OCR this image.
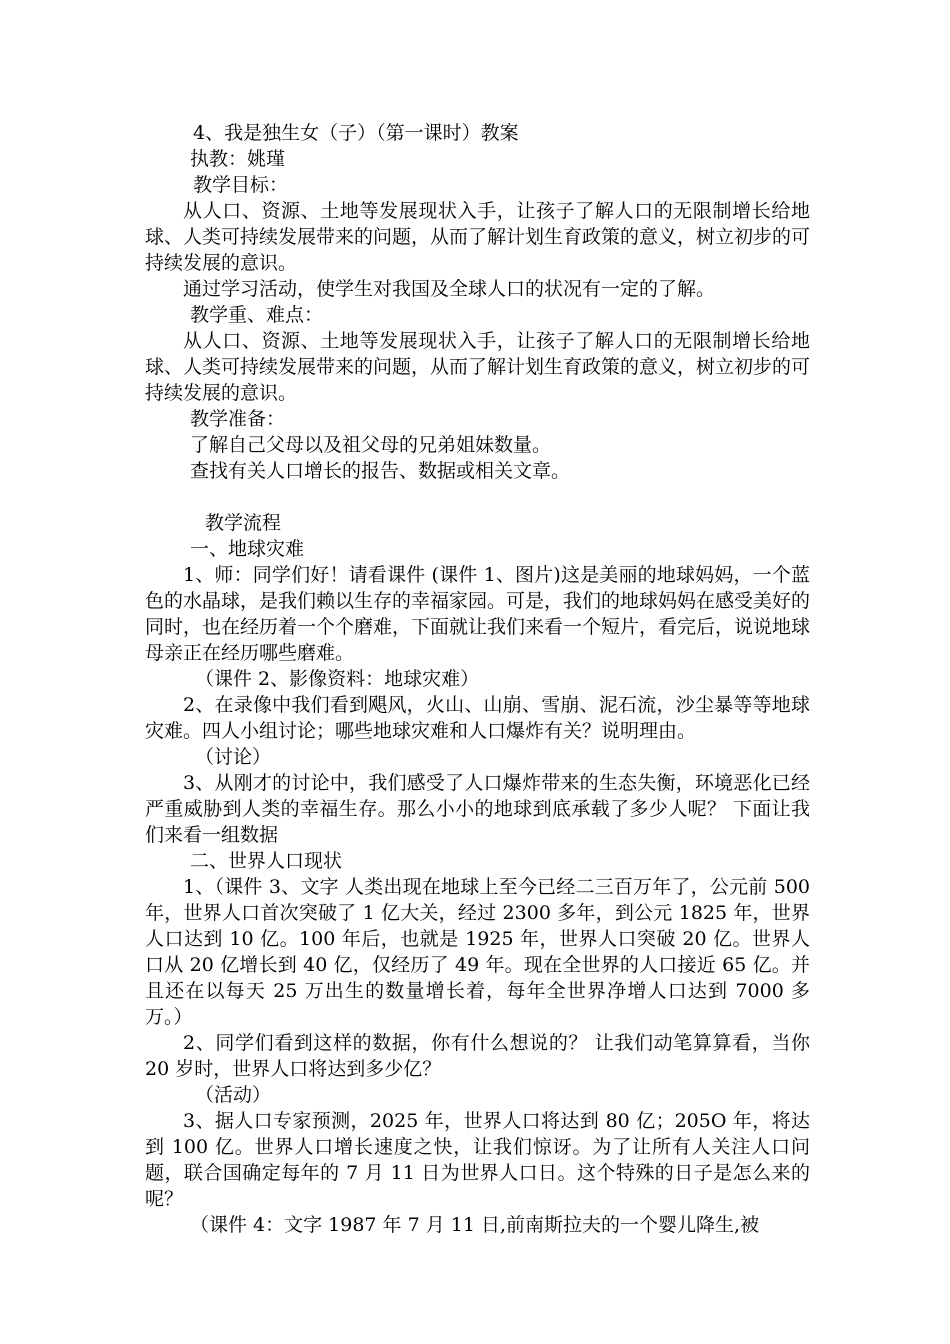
4、我是独生女（子）（第一课时）教案
执教：姚瑾
教学目标：

从人口、资源、土地等发展现状入手，让孩子了解人口的无限制增长给地球、人类可持续发展带来的问题，从而了解计划生育政策的意义，树立初步的可持续发展的意识。

通过学习活动，使学生对我国及全球人口的状况有一定的了解。

教学重、难点：

从人口、资源、土地等发展现状入手，让孩子了解人口的无限制增长给地球、人类可持续发展带来的问题，从而了解计划生育政策的意义，树立初步的可持续发展的意识。

教学准备：
了解自己父母以及祖父母的兄弟姐妹数量。
查找有关人口增长的报告、数据或相关文章。
教学流程
一、地球灾难

1、师：同学们好！请看课件 (课件 1、图片)这是美丽的地球妈妈，一个蓝色的水晶球，是我们赖以生存的幸福家园。可是，我们的地球妈妈在感受美好的同时，也在经历着一个个磨难，下面就让我们来看一个短片，看完后，说说地球母亲正在经历哪些磨难。

（课件 2、影像资料：地球灾难）

2、在录像中我们看到飓风，火山、山崩、雪崩、泥石流，沙尘暴等等地球灾难。四人小组讨论；哪些地球灾难和人口爆炸有关？说明理由。

（讨论）

3、从刚才的讨论中，我们感受了人口爆炸带来的生态失衡，环境恶化已经严重威胁到人类的幸福生存。那么小小的地球到底承载了多少人呢？ 下面让我们来看一组数据

二、世界人口现状

1、（课件 3、文字 人类出现在地球上至今已经二三百万年了，公元前 500 年，世界人口首次突破了 1 亿大关，经过 2300 多年，到公元 1825 年，世界人口达到 10 亿。100 年后，也就是 1925 年，世界人口突破 20 亿。世界人口从 20 亿增长到 40 亿，仅经历了 49 年。现在全世界的人口接近 65 亿。并且还在以每天 25 万出生的数量增长着，每年全世界净增人口达到 7000 多万。）

2、同学们看到这样的数据，你有什么想说的？ 让我们动笔算算看，当你 20 岁时，世界人口将达到多少亿？

（活动）

3、据人口专家预测，2025 年，世界人口将达到 80 亿；205O 年，将达到 100 亿。世界人口增长速度之快，让我们惊讶。为了让所有人关注人口问题，联合国确定每年的 7 月 11 日为世界人口日。这个特殊的日子是怎么来的呢？

（课件 4：文字 1987 年 7 月 11 日,前南斯拉夫的一个婴儿降生,被
